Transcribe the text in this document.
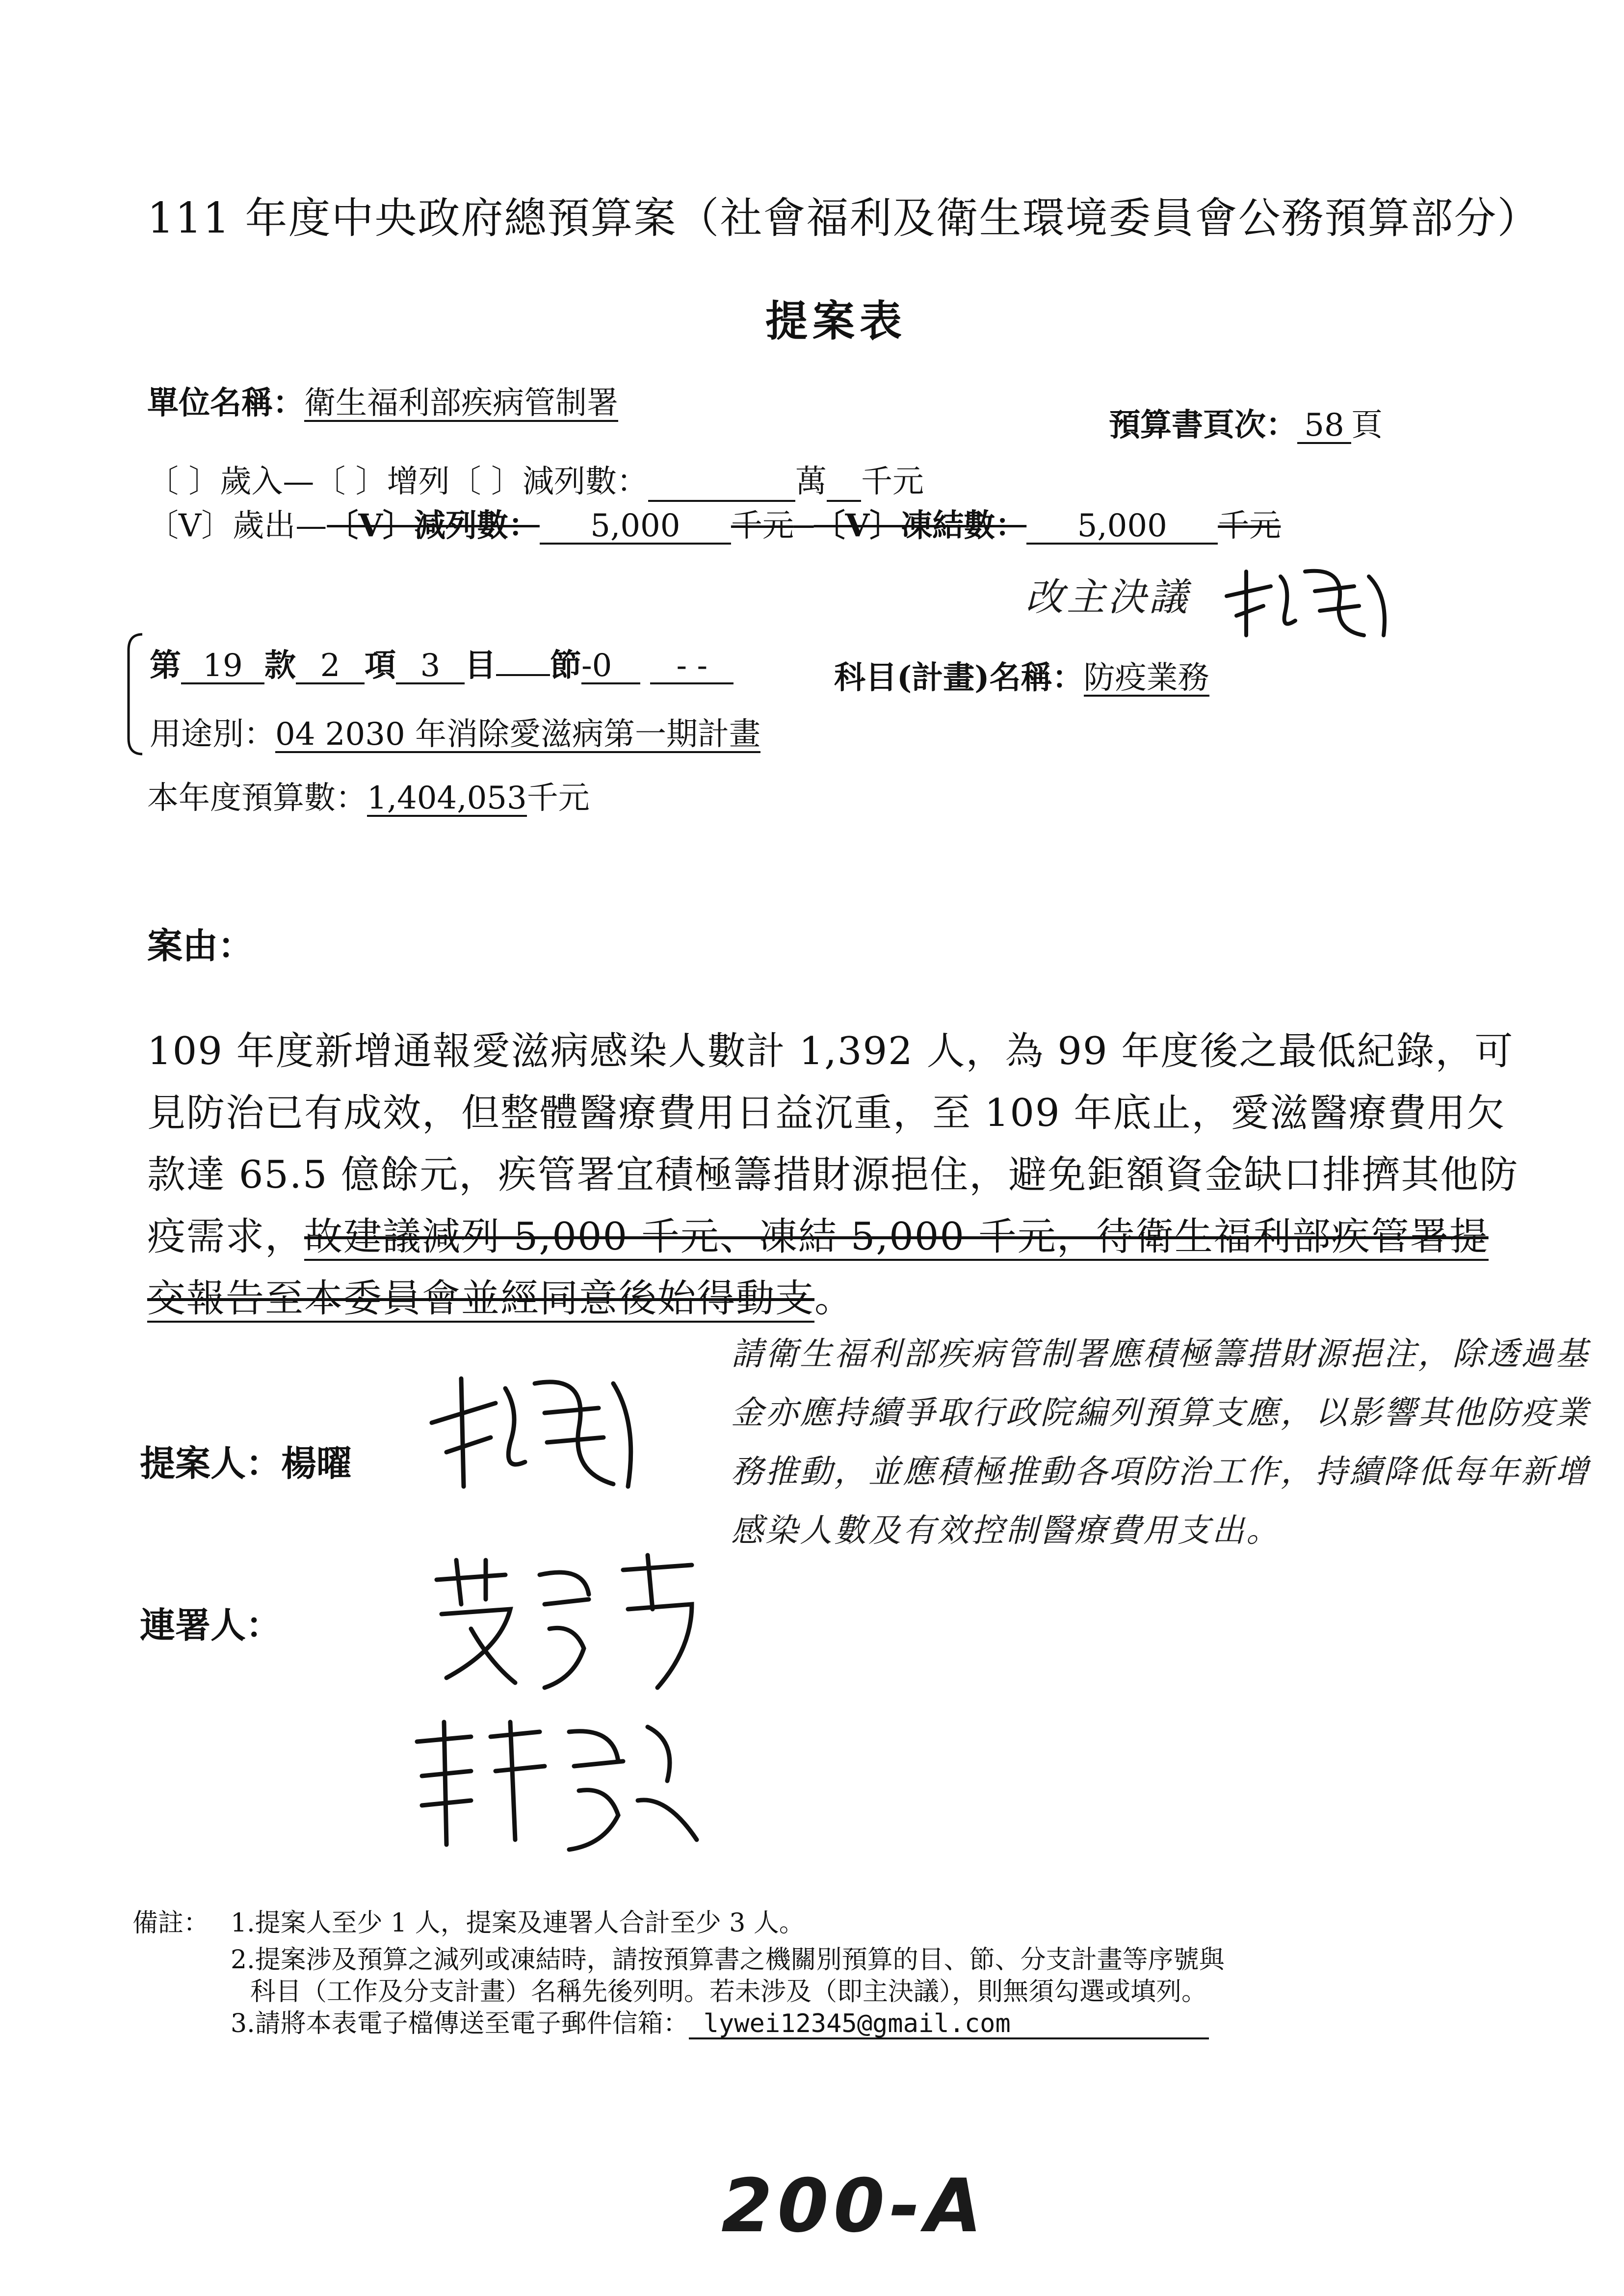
111 年度中央政府總預算案（社會福利及衛生環境委員會公務預算部分）
提案表
單位名稱：衛生福利部疾病管制署
預算書頁次： 58 頁
〔 〕歲入—〔 〕增列〔 〕減列數：	萬 千元
〔V〕歲出—〔V〕減列數： 5,000 千元 〔V〕凍結數： 5,000 千元
改主決議
第 19 款 2 項 3 目 節-0 - -	科目(計畫)名稱：防疫業務
用途別：04 2030 年消除愛滋病第一期計畫
本年度預算數：1,404,053千元
案由：
109 年度新增通報愛滋病感染人數計 1,392 人，為 99 年度後之最低紀錄，可見防治已有成效，但整體醫療費用日益沉重，至 109 年底止，愛滋醫療費用欠款達 65.5 億餘元，疾管署宜積極籌措財源挹住，避免鉅額資金缺口排擠其他防疫需求，故建議減列 5,000 千元、凍結 5,000 千元，待衛生福利部疾管署提交報告至本委員會並經同意後始得動支。
請衛生福利部疾病管制署應積極籌措財源挹注，除透過基金亦應持續爭取行政院編列預算支應，以影響其他防疫業務推動，並應積極推動各項防治工作，持續降低每年新增感染人數及有效控制醫療費用支出。
提案人：楊曜
連署人：
備註： 1.提案人至少 1 人，提案及連署人合計至少 3 人。
2.提案涉及預算之減列或凍結時，請按預算書之機關別預算的目、節、分支計畫等序號與
科目（工作及分支計畫）名稱先後列明。若未涉及（即主決議），則無須勾選或填列。
3.請將本表電子檔傳送至電子郵件信箱： lywei12345@gmail.com
200-A
